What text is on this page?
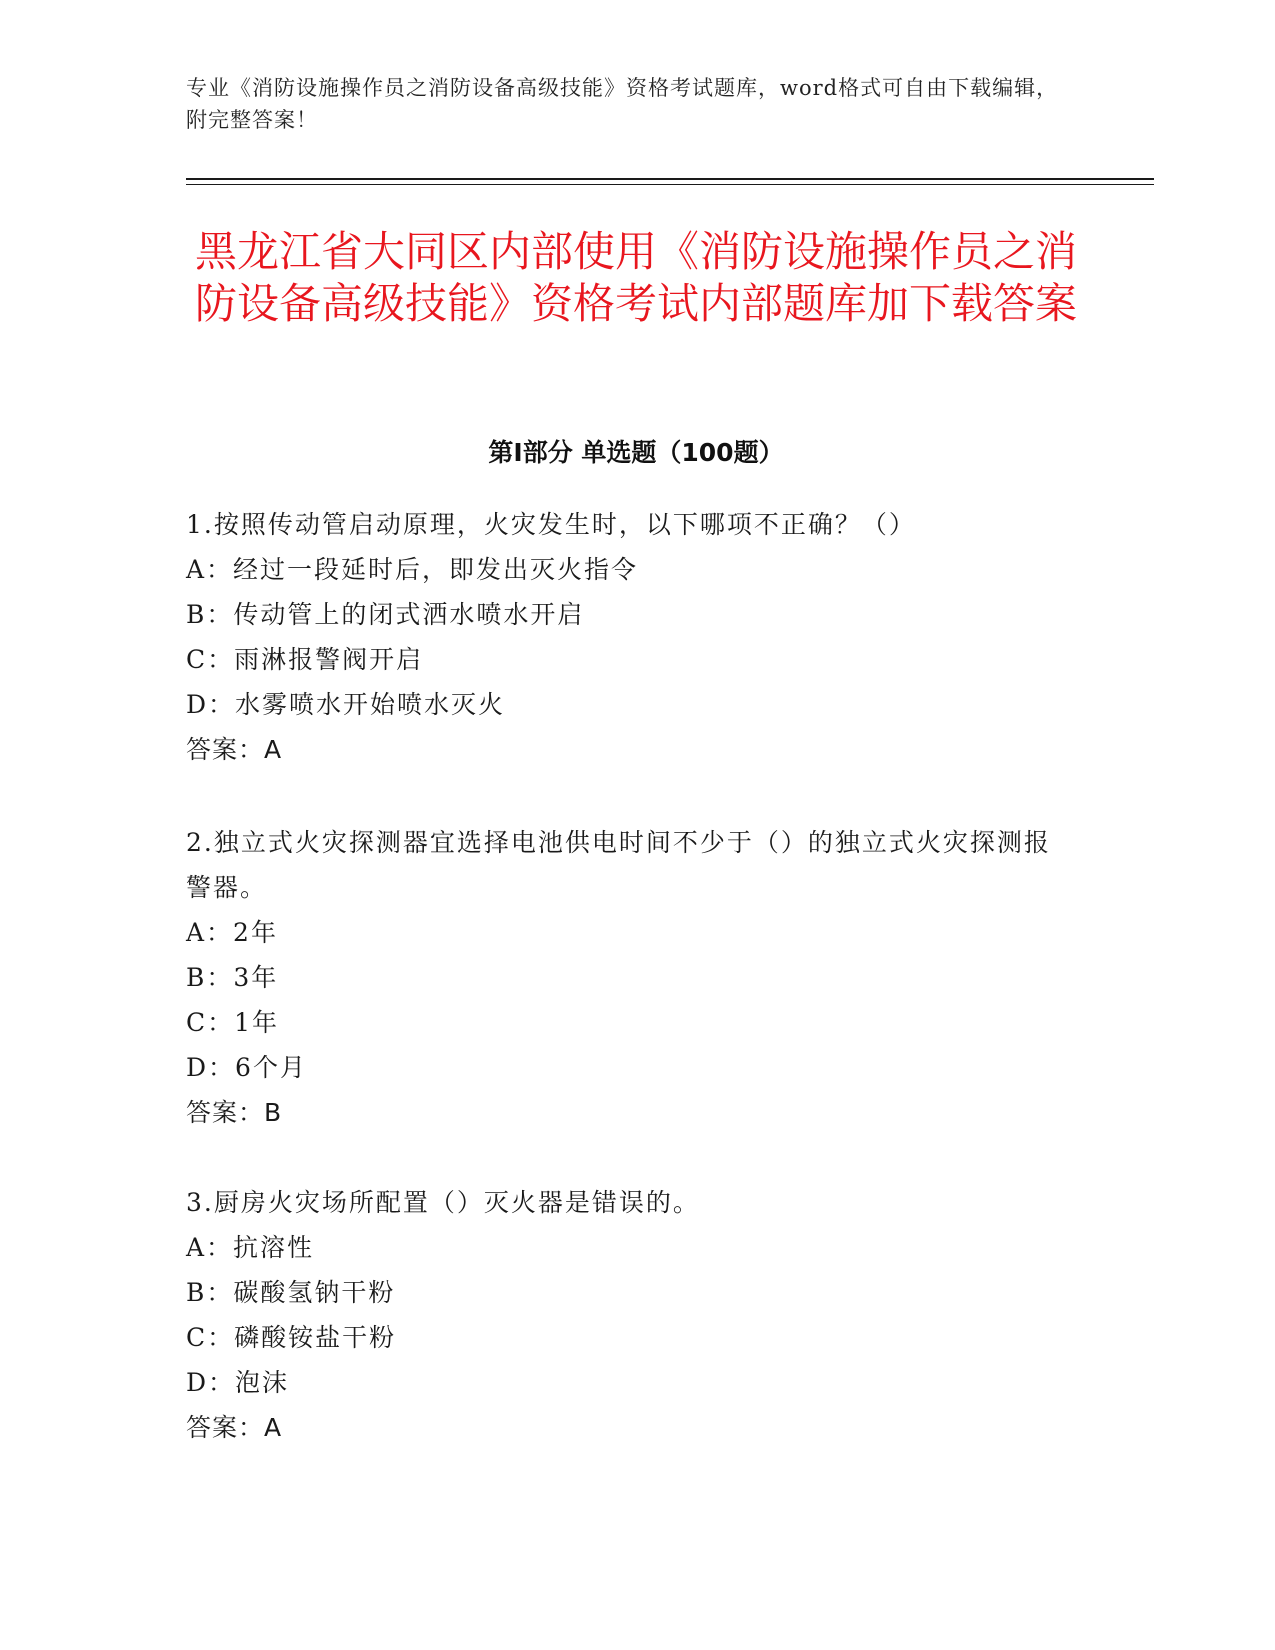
专业《消防设施操作员之消防设备高级技能》资格考试题库，word格式可自由下载编辑，附完整答案！
黑龙江省大同区内部使用《消防设施操作员之消防设备高级技能》资格考试内部题库加下载答案
第Ⅰ部分 单选题（100题）

1.按照传动管启动原理，火灾发生时，以下哪项不正确？（）

A：经过一段延时后，即发出灭火指令

B：传动管上的闭式洒水喷水开启

C：雨淋报警阀开启

D：水雾喷水开始喷水灭火

答案：A

2.独立式火灾探测器宜选择电池供电时间不少于（）的独立式火灾探测报警器。

A：2年

B：3年

C：1年

D：6个月

答案：B

3.厨房火灾场所配置（）灭火器是错误的。

A：抗溶性

B：碳酸氢钠干粉

C：磷酸铵盐干粉

D：泡沫

答案：A
